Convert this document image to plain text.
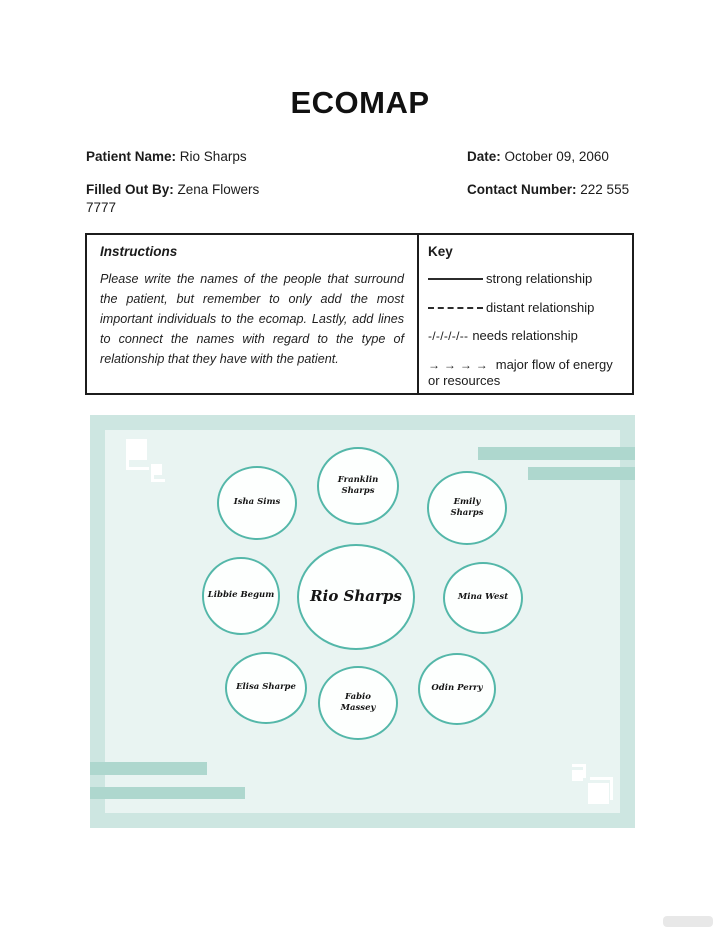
ECOMAP
Patient Name: Rio Sharps	Date: October 09, 2060
Filled Out By: Zena Flowers 7777
Contact Number: 222 555
Instructions
Please write the names of the people that surround the patient, but remember to only add the most important individuals to the ecomap. Lastly, add lines to connect the names with regard to the type of relationship that they have with the patient.
Key
strong relationship
distant relationship
-/-/-/-/-- needs relationship
→ → → → major flow of energy or resources
Isha Sims
Franklin Sharps
Emily Sharps
Libbie Begum Rio Sharps	Mina West
Elisa Sharpe
Fabio Massey
Odin Perry
